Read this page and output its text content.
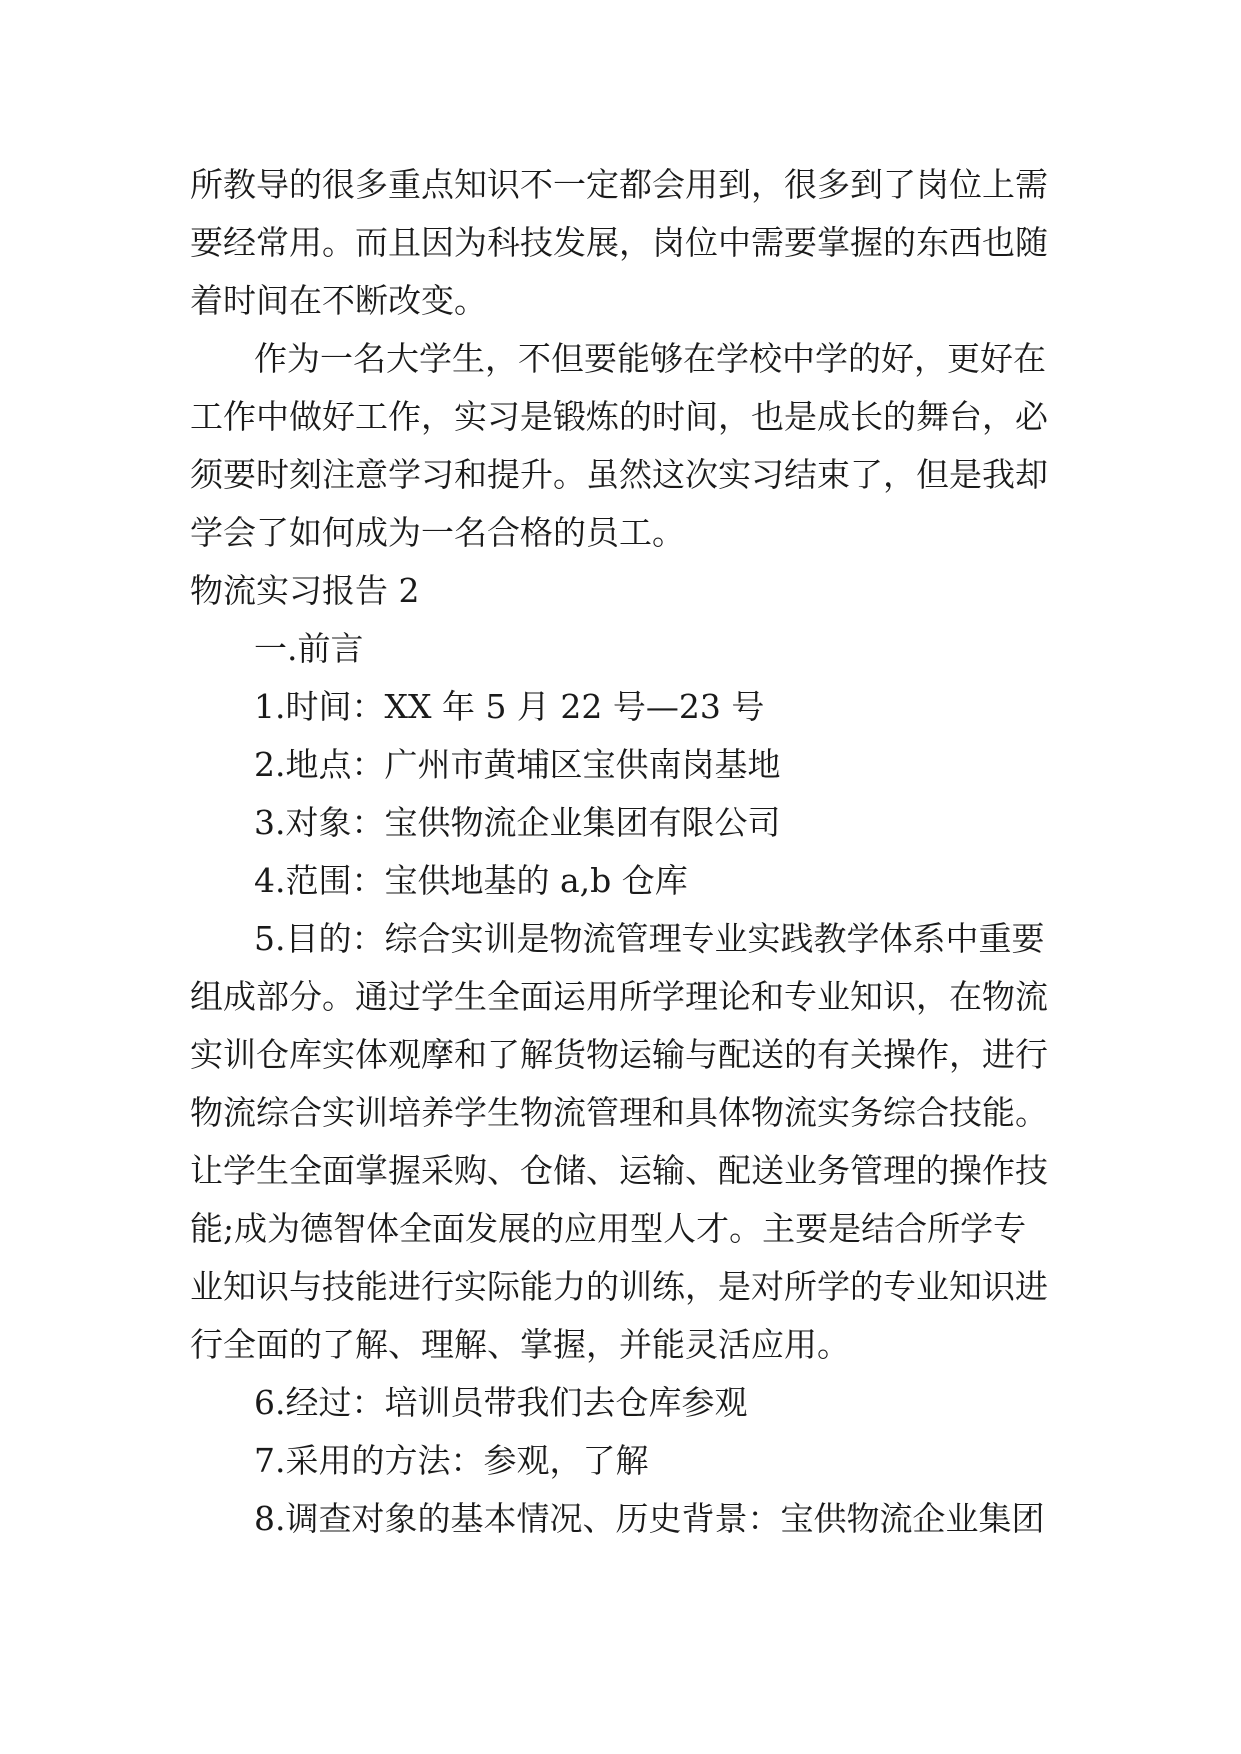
所教导的很多重点知识不一定都会用到，很多到了岗位上需
要经常用。而且因为科技发展，岗位中需要掌握的东西也随
着时间在不断改变。
作为一名大学生，不但要能够在学校中学的好，更好在
工作中做好工作，实习是锻炼的时间，也是成长的舞台，必
须要时刻注意学习和提升。虽然这次实习结束了，但是我却
学会了如何成为一名合格的员工。
物流实习报告 2
一.前言
1.时间：XX 年 5 月 22 号—23 号
2.地点：广州市黄埔区宝供南岗基地
3.对象：宝供物流企业集团有限公司
4.范围：宝供地基的 a,b 仓库
5.目的：综合实训是物流管理专业实践教学体系中重要
组成部分。通过学生全面运用所学理论和专业知识，在物流
实训仓库实体观摩和了解货物运输与配送的有关操作，进行
物流综合实训培养学生物流管理和具体物流实务综合技能。
让学生全面掌握采购、仓储、运输、配送业务管理的操作技
能;成为德智体全面发展的应用型人才。主要是结合所学专
业知识与技能进行实际能力的训练，是对所学的专业知识进
行全面的了解、理解、掌握，并能灵活应用。
6.经过：培训员带我们去仓库参观
7.采用的方法：参观，了解
8.调查对象的基本情况、历史背景：宝供物流企业集团
